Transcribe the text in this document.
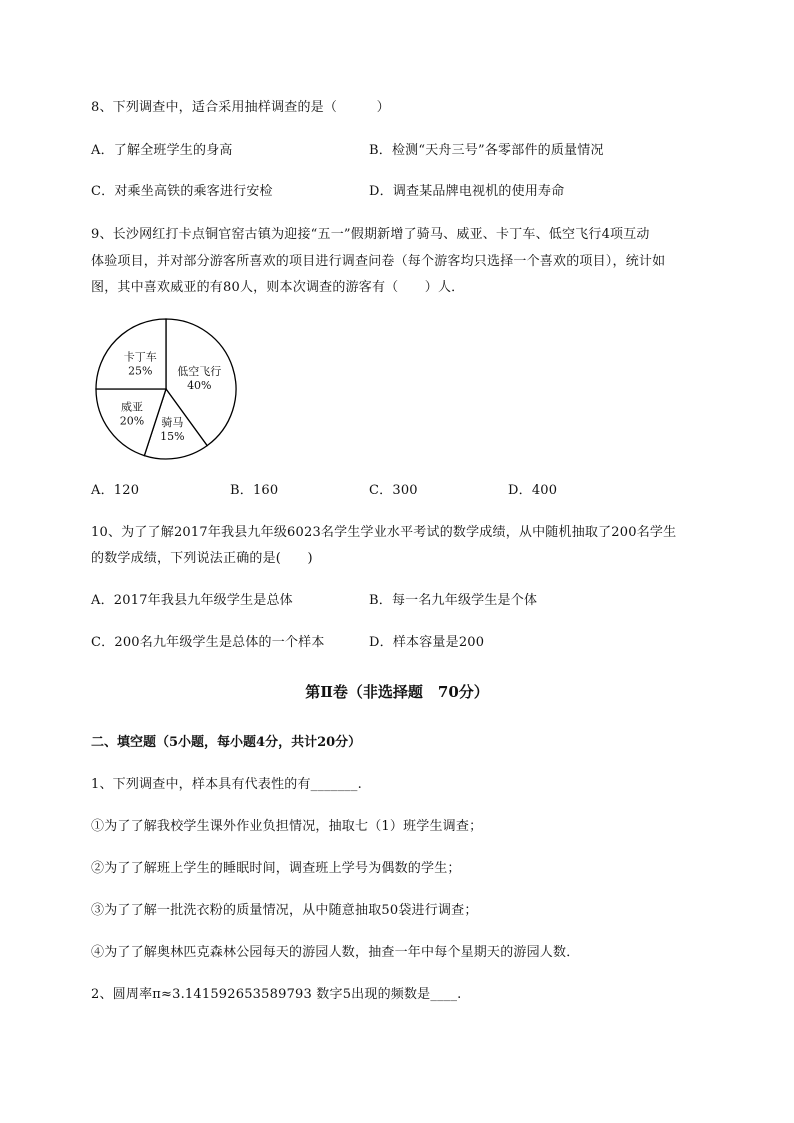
8、下列调查中，适合采用抽样调查的是（　　　）
A．了解全班学生的身高	B．检测“天舟三号”各零部件的质量情况
C．对乘坐高铁的乘客进行安检	D．调查某品牌电视机的使用寿命
9、长沙网红打卡点铜官窑古镇为迎接“五一”假期新增了骑马、威亚、卡丁车、低空飞行4项互动
体验项目，并对部分游客所喜欢的项目进行调查问卷（每个游客均只选择一个喜欢的项目），统计如
图，其中喜欢威亚的有80人，则本次调查的游客有（　　）人．
低空飞行
40%
骑马
15%
威亚
20%
卡丁车
25%
A．120	B．160	C．300	D．400
10、为了了解2017年我县九年级6023名学生学业水平考试的数学成绩，从中随机抽取了200名学生
的数学成绩，下列说法正确的是(　　)
A．2017年我县九年级学生是总体	B．每一名九年级学生是个体
C．200名九年级学生是总体的一个样本	D．样本容量是200
第Ⅱ卷（非选择题　70分）
二、填空题（5小题，每小题4分，共计20分）
1、下列调查中，样本具有代表性的有_______.
①为了了解我校学生课外作业负担情况，抽取七（1）班学生调查；
②为了了解班上学生的睡眠时间，调查班上学号为偶数的学生；
③为了了解一批洗衣粉的质量情况，从中随意抽取50袋进行调查；
④为了了解奥林匹克森林公园每天的游园人数，抽查一年中每个星期天的游园人数．
2、圆周率π≈3.141592653589793 数字5出现的频数是____.
